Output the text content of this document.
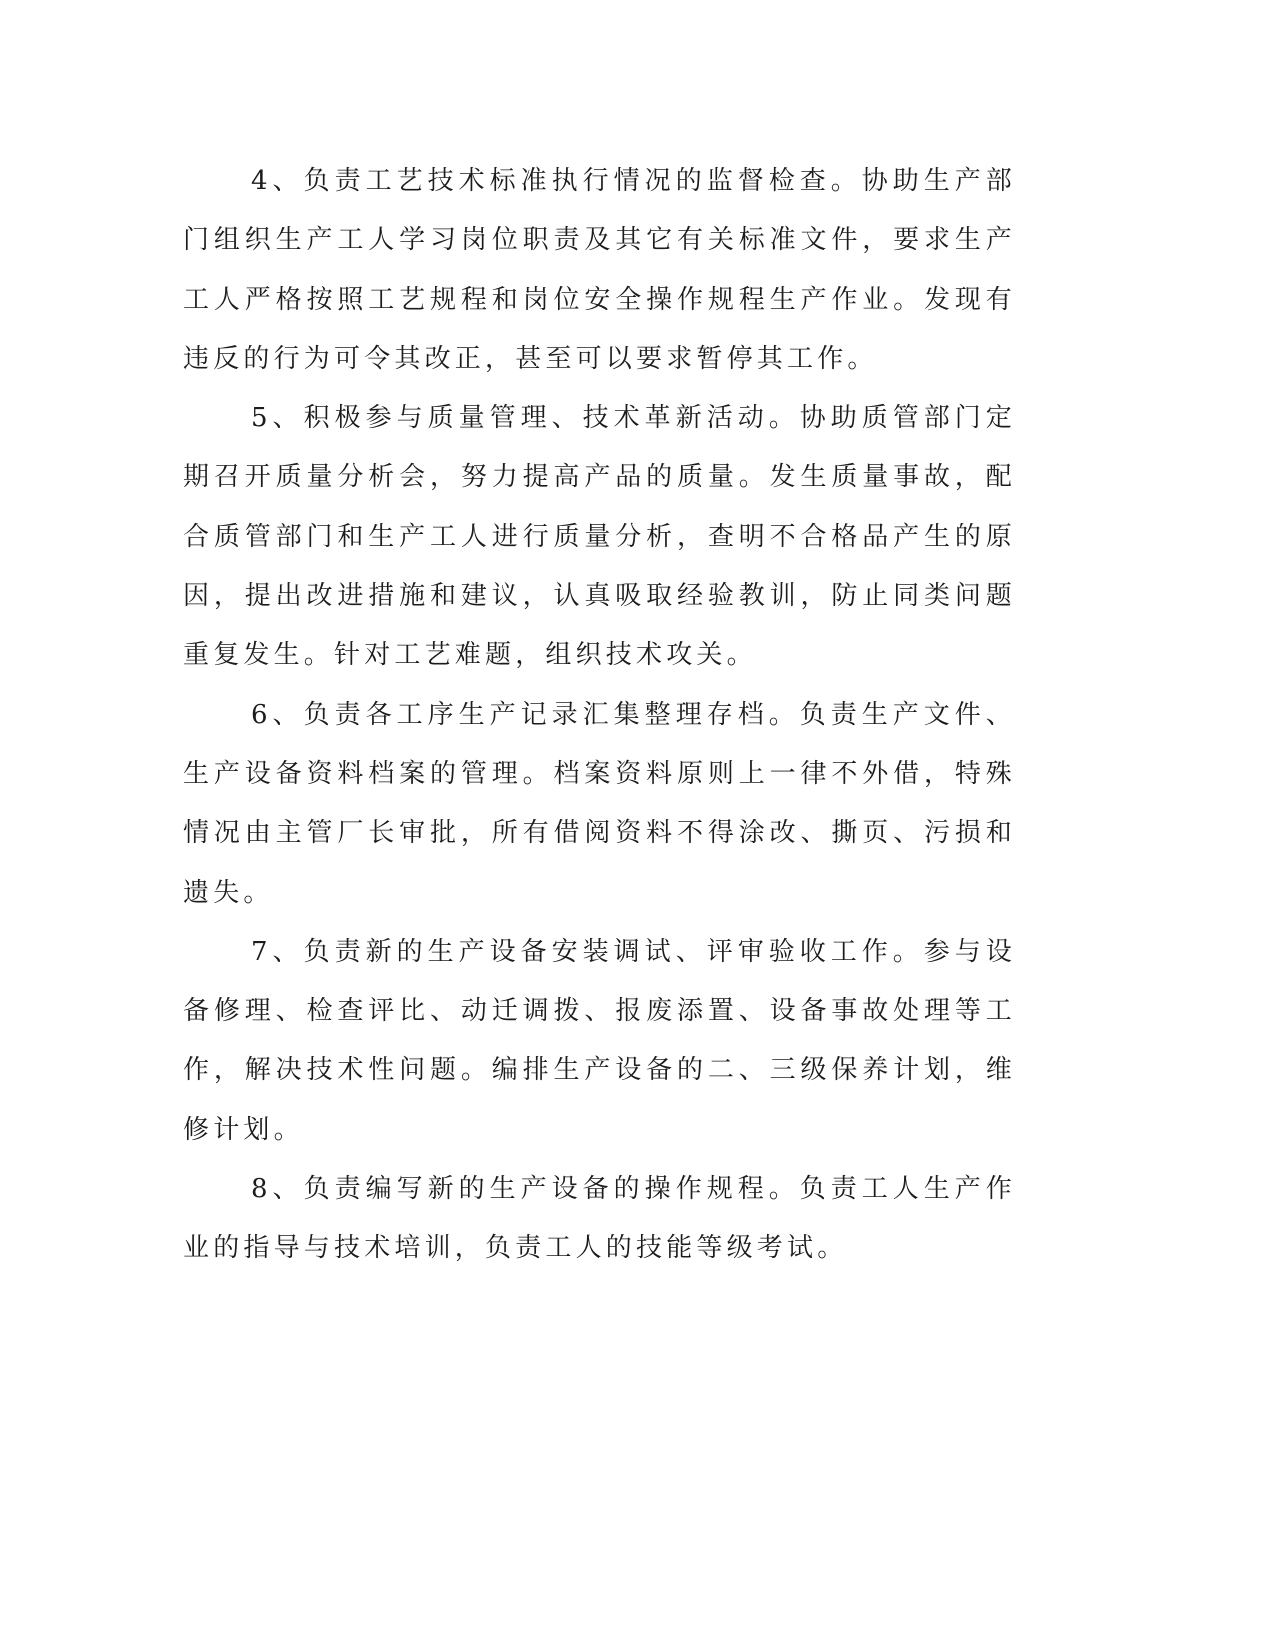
4、负责工艺技术标准执行情况的监督检查。协助生产部门组织生产工人学习岗位职责及其它有关标准文件，要求生产工人严格按照工艺规程和岗位安全操作规程生产作业。发现有违反的行为可令其改正，甚至可以要求暂停其工作。

5、积极参与质量管理、技术革新活动。协助质管部门定期召开质量分析会，努力提高产品的质量。发生质量事故，配合质管部门和生产工人进行质量分析，查明不合格品产生的原因，提出改进措施和建议，认真吸取经验教训，防止同类问题重复发生。针对工艺难题，组织技术攻关。

6、负责各工序生产记录汇集整理存档。负责生产文件、生产设备资料档案的管理。档案资料原则上一律不外借，特殊情况由主管厂长审批，所有借阅资料不得涂改、撕页、污损和遗失。

7、负责新的生产设备安装调试、评审验收工作。参与设备修理、检查评比、动迁调拨、报废添置、设备事故处理等工作，解决技术性问题。编排生产设备的二、三级保养计划，维修计划。

8、负责编写新的生产设备的操作规程。负责工人生产作业的指导与技术培训，负责工人的技能等级考试。
